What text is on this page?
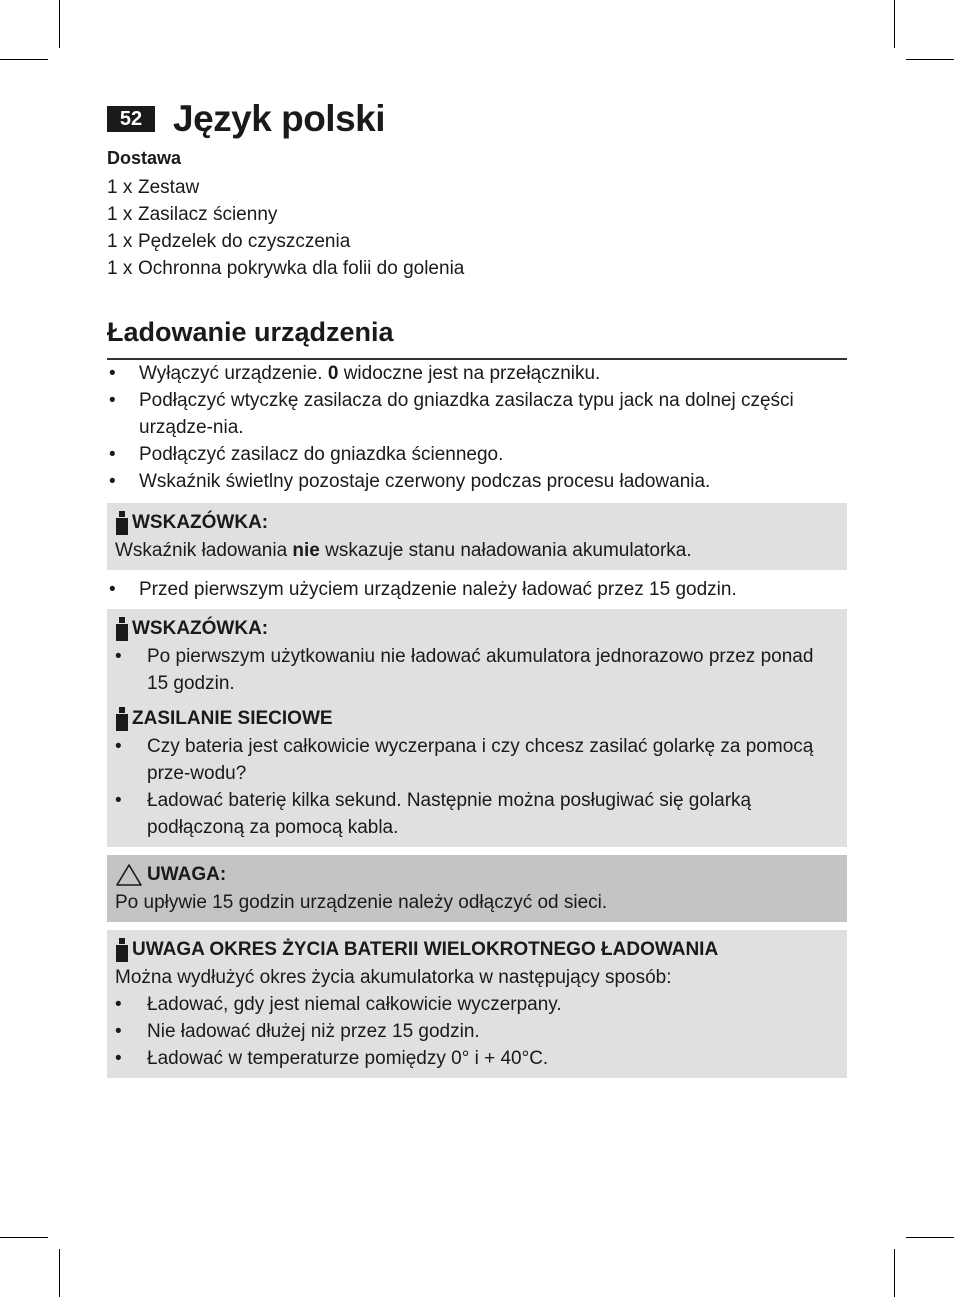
52 Język polski
Dostawa
1 x Zestaw
1 x Zasilacz ścienny
1 x Pędzelek do czyszczenia
1 x Ochronna pokrywka dla folii do golenia
Ładowanie urządzenia
• Wyłączyć urządzenie. 0 widoczne jest na przełączniku.
• Podłączyć wtyczkę zasilacza do gniazdka zasilacza typu jack na dolnej części urządze-nia.
• Podłączyć zasilacz do gniazdka ściennego.
• Wskaźnik świetlny pozostaje czerwony podczas procesu ładowania.
WSKAZÓWKA:
Wskaźnik ładowania nie wskazuje stanu naładowania akumulatorka.
• Przed pierwszym użyciem urządzenie należy ładować przez 15 godzin.
WSKAZÓWKA:
• Po pierwszym użytkowaniu nie ładować akumulatora jednorazowo przez ponad 15 godzin.
ZASILANIE SIECIOWE
• Czy bateria jest całkowicie wyczerpana i czy chcesz zasilać golarkę za pomocą prze-wodu?
• Ładować baterię kilka sekund. Następnie można posługiwać się golarką podłączoną za pomocą kabla.
UWAGA:
Po upływie 15 godzin urządzenie należy odłączyć od sieci.
UWAGA OKRES ŻYCIA BATERII WIELOKROTNEGO ŁADOWANIA
Można wydłużyć okres życia akumulatorka w następujący sposób:
• Ładować, gdy jest niemal całkowicie wyczerpany.
• Nie ładować dłużej niż przez 15 godzin.
• Ładować w temperaturze pomiędzy 0° i + 40°C.
